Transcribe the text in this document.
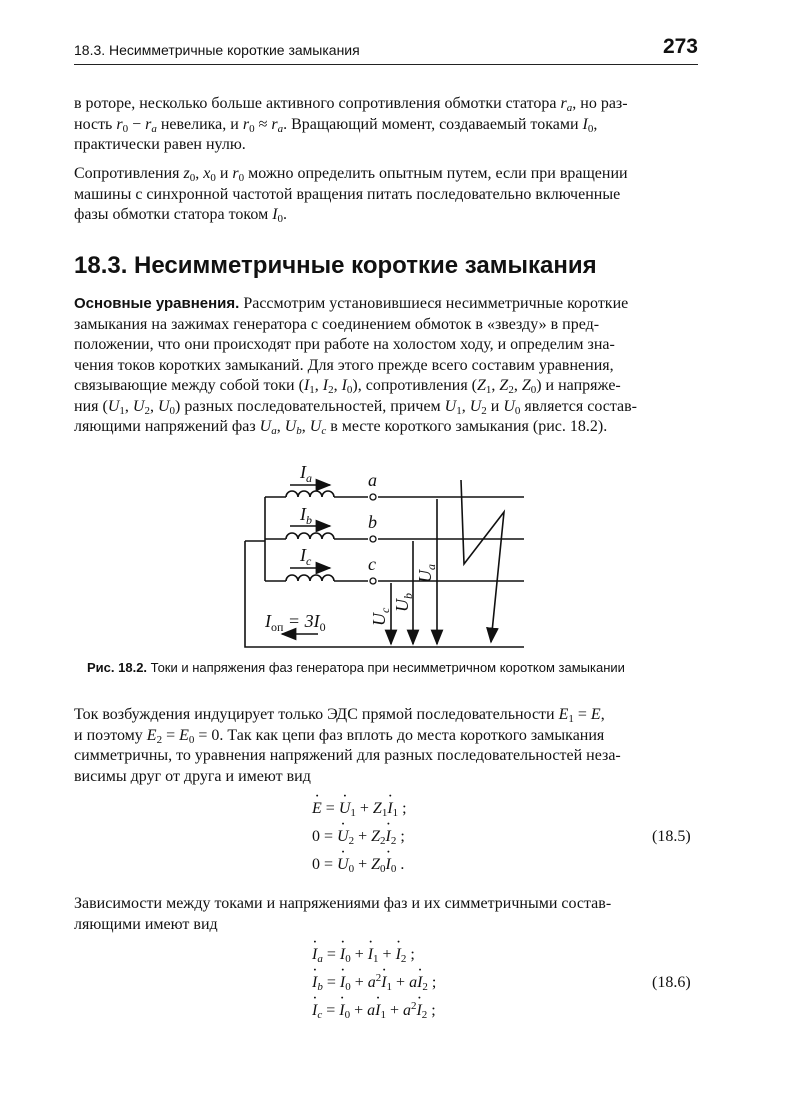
18.3. Несимметричные короткие замыкания	273

в роторе, несколько больше активного сопротивления обмотки статора $r_a$, но раз-
ность $r_0 - r_a$ невелика, и $r_0 \approx r_a$. Вращающий момент, создаваемый токами $I_0$,
практически равен нулю.

Сопротивления $z_0$, $x_0$ и $r_0$ можно определить опытным путем, если при вращении
машины с синхронной частотой вращения питать последовательно включенные
фазы обмотки статора током $I_0$.

18.3. Несимметричные короткие замыкания

Основные уравнения. Рассмотрим установившиеся несимметричные короткие
замыкания на зажимах генератора с соединением обмоток в «звезду» в пред-
положении, что они происходят при работе на холостом ходу, и определим зна-
чения токов коротких замыканий. Для этого прежде всего составим уравнения,
связывающие между собой токи ($I_1$, $I_2$, $I_0$), сопротивления ($Z_1$, $Z_2$, $Z_0$) и напряже-
ния ($U_1$, $U_2$, $U_0$) разных последовательностей, причем $U_1$, $U_2$ и $U_0$ является состав-
ляющими напряжений фаз $U_a$, $U_b$, $U_c$ в месте короткого замыкания (рис. 18.2).

$I_a$
$I_b$
$I_c$
a
b
c
$I_{оп} = 3I_0$
$U_a$
$U_b$
$U_c$
Рис. 18.2. Токи и напряжения фаз генератора при несимметричном коротком замыкании

Ток возбуждения индуцирует только ЭДС прямой последовательности $E_1 = E$,
и поэтому $E_2 = E_0 = 0$. Так как цепи фаз вплоть до места короткого замыкания
симметричны, то уравнения напряжений для разных последовательностей неза-
висимы друг от друга и имеют вид

· E = · $U_1 + Z_1\cdot I_1$ ;
0 = · $U_2 + Z_2\cdot I_2$ ;
0 = · $U_0 + Z_0\cdot I_0$ .
(18.5)

Зависимости между токами и напряжениями фаз и их симметричными состав-
ляющими имеют вид

· $I_a$ = · $I_0$ + · $I_1$ + · $I_2$ ;
· $I_b$ = · $I_0 + a^2\cdot I_1 + a\cdot I_2$ ;
· $I_c$ = · $I_0 + a\cdot I_1 + a^2\cdot I_2$ ;
(18.6)
